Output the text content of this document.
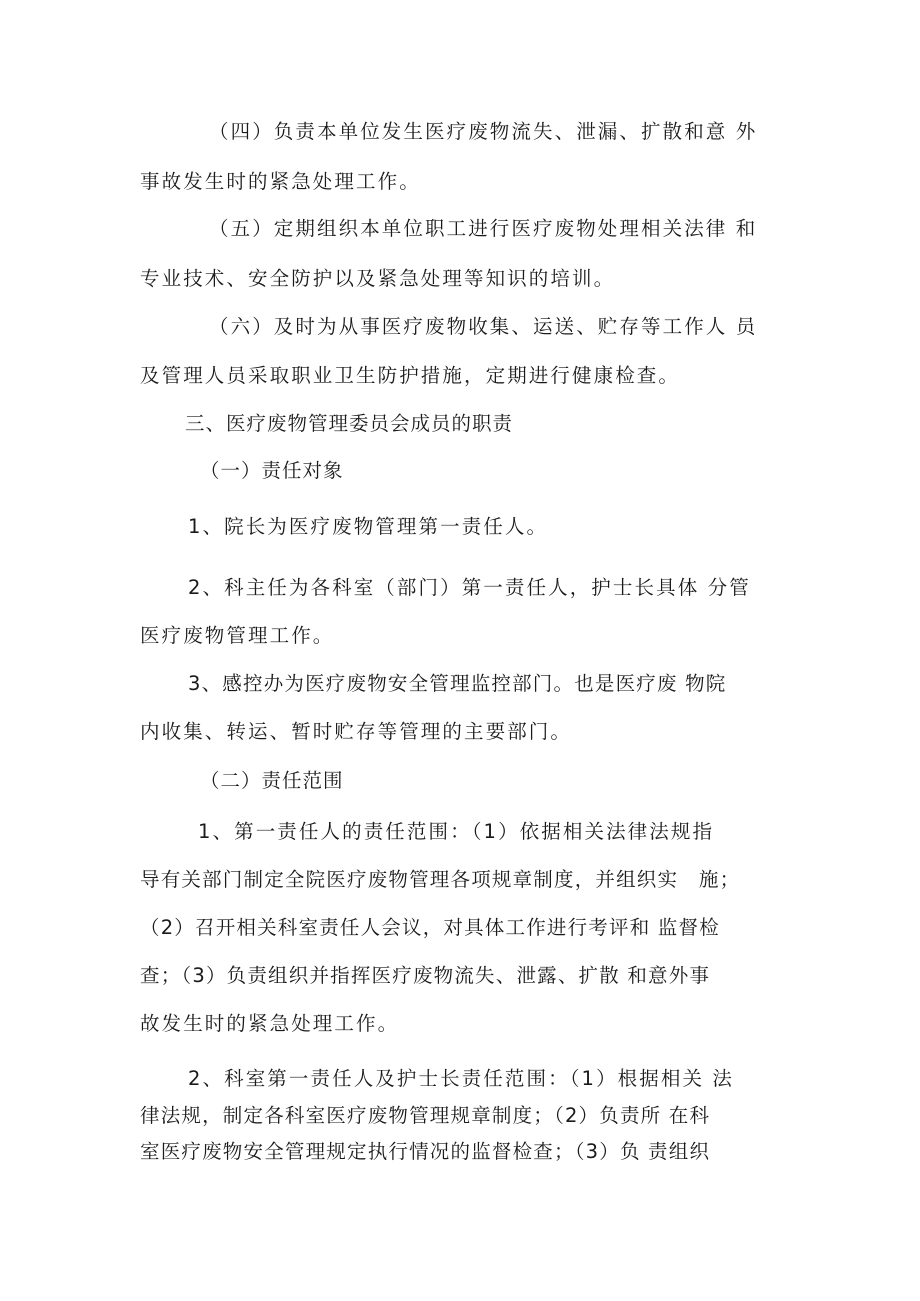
（四）负责本单位发生医疗废物流失、泄漏、扩散和意 外
事故发生时的紧急处理工作。
（五）定期组织本单位职工进行医疗废物处理相关法律 和
专业技术、安全防护以及紧急处理等知识的培训。
（六）及时为从事医疗废物收集、运送、贮存等工作人 员
及管理人员采取职业卫生防护措施，定期进行健康检查。
三、医疗废物管理委员会成员的职责
（一）责任对象
1、院长为医疗废物管理第一责任人。
2、科主任为各科室（部门）第一责任人，护士长具体 分管
医疗废物管理工作。
3、感控办为医疗废物安全管理监控部门。也是医疗废 物院
内收集、转运、暂时贮存等管理的主要部门。
（二）责任范围
1、第一责任人的责任范围：（1）依据相关法律法规指
导有关部门制定全院医疗废物管理各项规章制度，并组织实　施；
（2）召开相关科室责任人会议，对具体工作进行考评和 监督检
查；（3）负责组织并指挥医疗废物流失、泄露、扩散 和意外事
故发生时的紧急处理工作。
2、科室第一责任人及护士长责任范围：（1）根据相关 法
律法规，制定各科室医疗废物管理规章制度；（2）负责所 在科
室医疗废物安全管理规定执行情况的监督检查；（3）负 责组织
